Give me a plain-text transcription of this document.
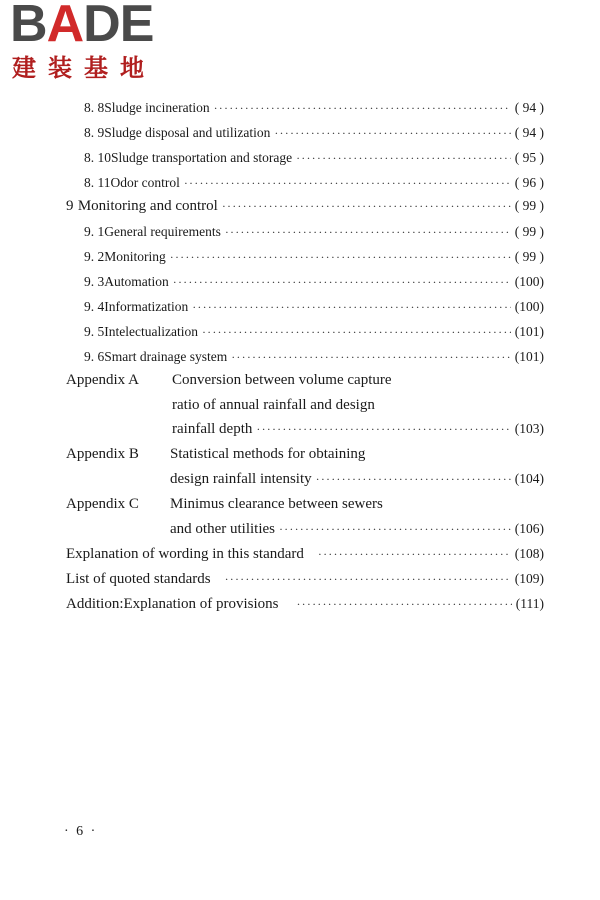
BADE
建装基地
8. 8 Sludge incineration ·····	( 94 )
8. 9 Sludge disposal and utilization ·····	( 94 )
8. 10 Sludge transportation and storage ·····	( 95 )
8. 11 Odor control ·····	( 96 )
9 Monitoring and control ·····	( 99 )
9. 1 General requirements ·····	( 99 )
9. 2 Monitoring ·····	( 99 )
9. 3 Automation ·····	(100)
9. 4 Informatization ·····	(100)
9. 5 Intelectualization ·····	(101)
9. 6 Smart drainage system ·····	(101)
Appendix A Conversion between volume capture
ratio of annual rainfall and design
rainfall depth ·····	(103)
Appendix B Statistical methods for obtaining
design rainfall intensity ·····	(104)
Appendix C Minimus clearance between sewers
and other utilities ·····	(106)
Explanation of wording in this standard ·····	(108)
List of quoted standards ·····	(109)
Addition:Explanation of provisions ·····	(111)
· 6 ·
